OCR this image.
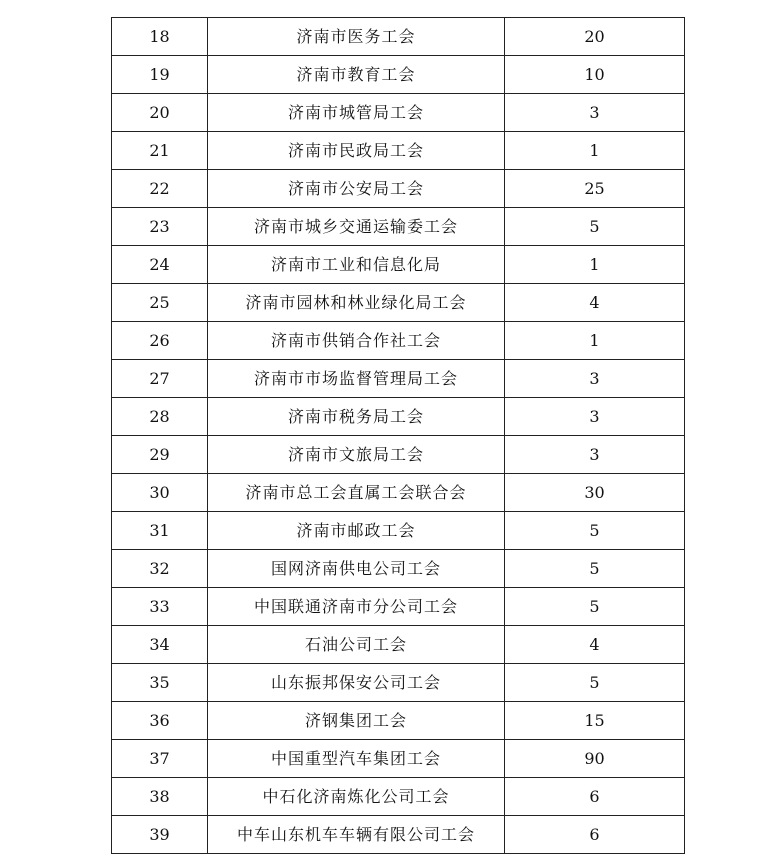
18	济南市医务工会	20
19	济南市教育工会	10
20	济南市城管局工会	3
21	济南市民政局工会	1
22	济南市公安局工会	25
23	济南市城乡交通运输委工会	5
24	济南市工业和信息化局	1
25	济南市园林和林业绿化局工会	4
26	济南市供销合作社工会	1
27	济南市市场监督管理局工会	3
28	济南市税务局工会	3
29	济南市文旅局工会	3
30	济南市总工会直属工会联合会	30
31	济南市邮政工会	5
32	国网济南供电公司工会	5
33	中国联通济南市分公司工会	5
34	石油公司工会	4
35	山东振邦保安公司工会	5
36	济钢集团工会	15
37	中国重型汽车集团工会	90
38	中石化济南炼化公司工会	6
39	中车山东机车车辆有限公司工会	6
